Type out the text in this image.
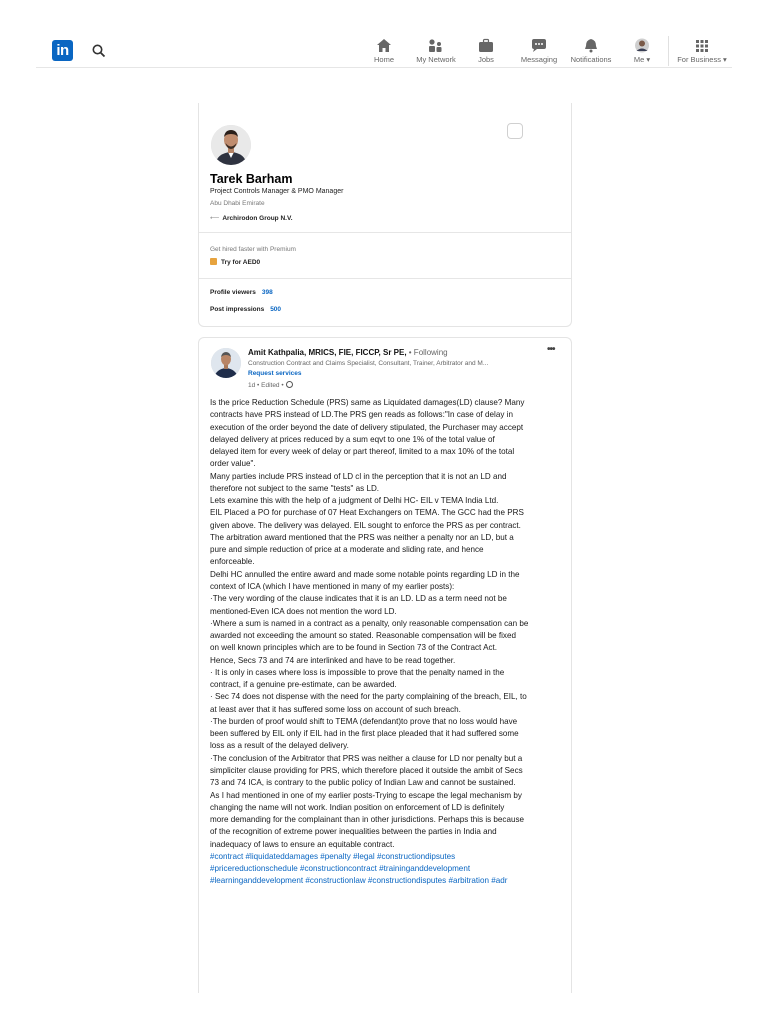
in
Home	My Network	Jobs	Messaging	Notifications	Me ▾	For Business ▾
Tarek Barham
Project Controls Manager & PMO Manager
Abu Dhabi Emirate
⟵ Archirodon Group N.V.
Get hired faster with Premium
Try for AED0
Profile viewers 398
Post impressions 500
Amit Kathpalia, MRICS, FIE, FICCP, Sr PE, • Following
Construction Contract and Claims Specialist, Consultant, Trainer, Arbitrator and M...
Request services
1d • Edited •
•••
Is the price Reduction Schedule (PRS) same as Liquidated damages(LD) clause? Many
contracts have PRS instead of LD.The PRS gen reads as follows:"In case of delay in
execution of the order beyond the date of delivery stipulated, the Purchaser may accept
delayed delivery at prices reduced by a sum eqvt to one 1% of the total value of
delayed item for every week of delay or part thereof, limited to a max 10% of the total
order value".
Many parties include PRS instead of LD cl in the perception that it is not an LD and
therefore not subject to the same "tests" as LD.
Lets examine this with the help of a judgment of Delhi HC- EIL v TEMA India Ltd.
EIL Placed a PO for purchase of 07 Heat Exchangers on TEMA. The GCC had the PRS
given above. The delivery was delayed. EIL sought to enforce the PRS as per contract.
The arbitration award mentioned that the PRS was neither a penalty nor an LD, but a
pure and simple reduction of price at a moderate and sliding rate, and hence
enforceable.
Delhi HC annulled the entire award and made some notable points regarding LD in the
context of ICA (which I have mentioned in many of my earlier posts):
·The very wording of the clause indicates that it is an LD. LD as a term need not be
mentioned-Even ICA does not mention the word LD.
·Where a sum is named in a contract as a penalty, only reasonable compensation can be
awarded not exceeding the amount so stated. Reasonable compensation will be fixed
on well known principles which are to be found in Section 73 of the Contract Act.
Hence, Secs 73 and 74 are interlinked and have to be read together.
· It is only in cases where loss is impossible to prove that the penalty named in the
contract, if a genuine pre-estimate, can be awarded.
· Sec 74 does not dispense with the need for the party complaining of the breach, EIL, to
at least aver that it has suffered some loss on account of such breach.
·The burden of proof would shift to TEMA (defendant)to prove that no loss would have
been suffered by EIL only if EIL had in the first place pleaded that it had suffered some
loss as a result of the delayed delivery.
·The conclusion of the Arbitrator that PRS was neither a clause for LD nor penalty but a
simpliciter clause providing for PRS, which therefore placed it outside the ambit of Secs
73 and 74 ICA, is contrary to the public policy of Indian Law and cannot be sustained.
As I had mentioned in one of my earlier posts-Trying to escape the legal mechanism by
changing the name will not work. Indian position on enforcement of LD is definitely
more demanding for the complainant than in other jurisdictions. Perhaps this is because
of the recognition of extreme power inequalities between the parties in India and
inadequacy of laws to ensure an equitable contract.
#contract #liquidateddamages #penalty #legal #constructiondipsutes
#pricereductionschedule #constructioncontract #traininganddevelopment
#learninganddevelopment #constructionlaw #constructiondisputes #arbitration #adr
